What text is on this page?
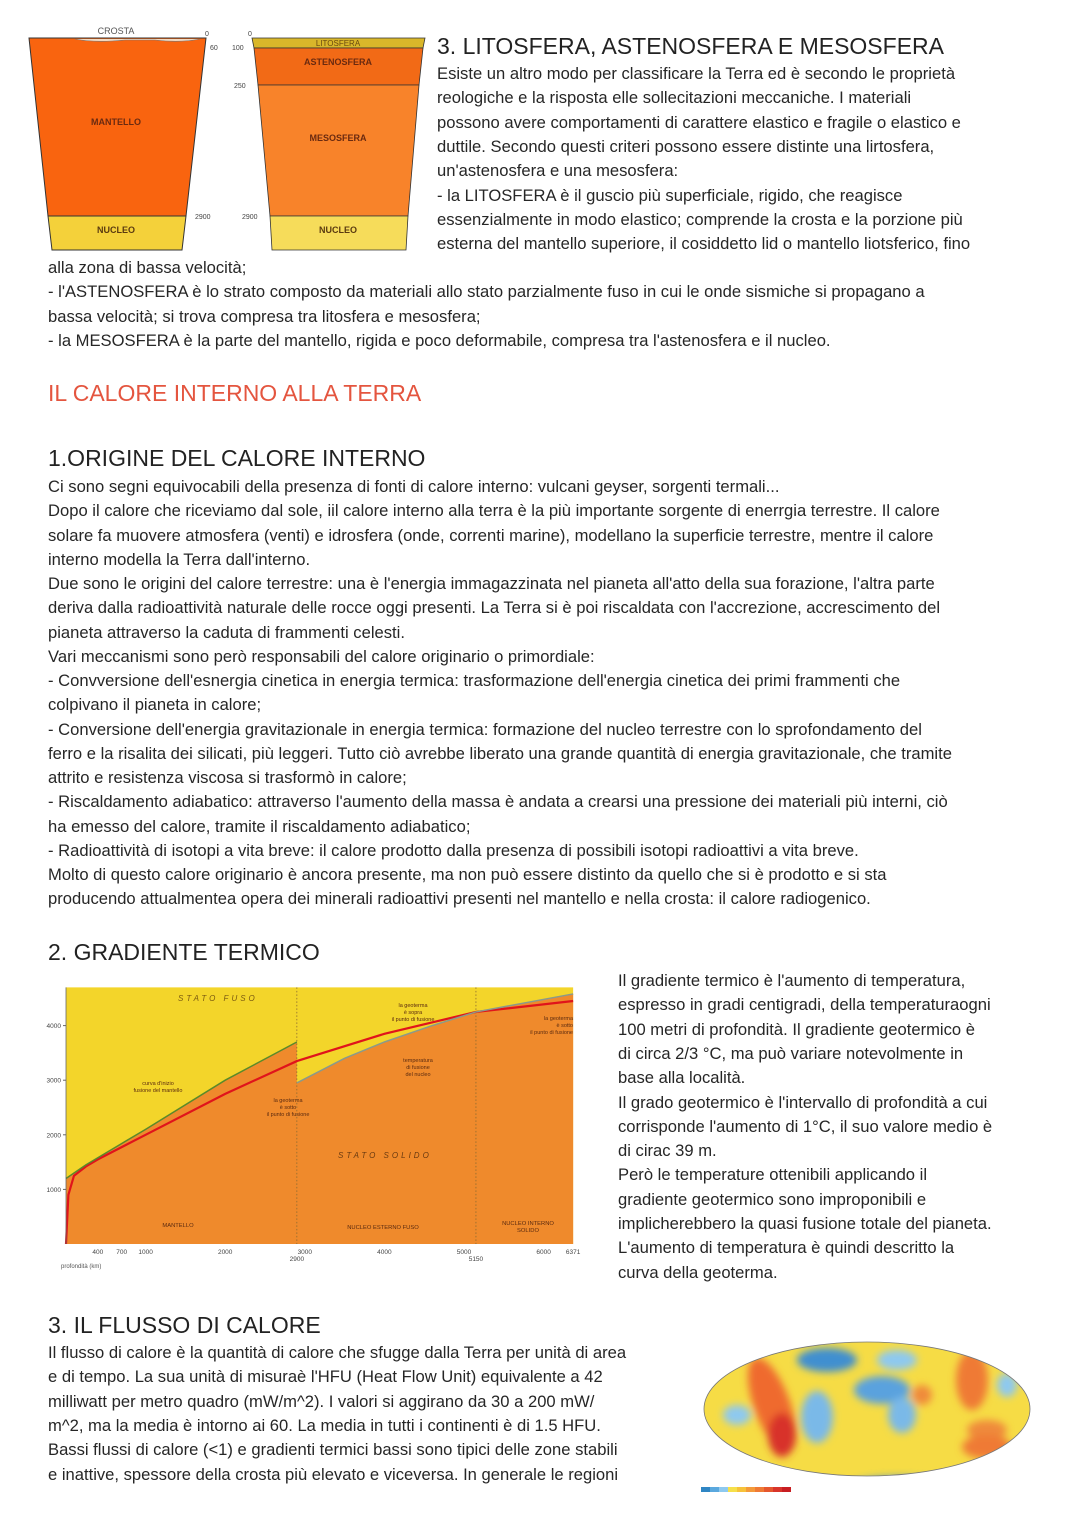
CROSTA
MANTELLO
NUCLEO
0
60
2900
LITOSFERA
ASTENOSFERA
MESOSFERA
NUCLEO
0
100
250
2900
3. LITOSFERA, ASTENOSFERA E MESOSFERA
Esiste un altro modo per classificare la Terra ed è secondo le proprietà
reologiche e la risposta elle sollecitazioni meccaniche. I materiali
possono avere comportamenti di carattere elastico e fragile o elastico e
duttile. Secondo questi criteri possono essere distinte una lirtosfera,
un'astenosfera e una mesosfera:
- la LITOSFERA è il guscio più superficiale, rigido, che reagisce
essenzialmente in modo elastico; comprende la crosta e la porzione più
esterna del mantello superiore, il cosiddetto lid o mantello liotsferico, fino
alla zona di bassa velocità;
- l'ASTENOSFERA è lo strato composto da materiali allo stato parzialmente fuso in cui le onde sismiche si propagano a
bassa velocità; si trova compresa tra litosfera e mesosfera;
- la MESOSFERA è la parte del mantello, rigida e poco deformabile, compresa tra l'astenosfera e il nucleo.
IL CALORE INTERNO ALLA TERRA
1.ORIGINE DEL CALORE INTERNO
Ci sono segni equivocabili della presenza di fonti di calore interno: vulcani geyser, sorgenti termali...
Dopo il calore che riceviamo dal sole, iil calore interno alla terra è la più importante sorgente di enerrgia terrestre. Il calore
solare fa muovere atmosfera (venti) e idrosfera (onde, correnti marine), modellano la superficie terrestre, mentre il calore
interno modella la Terra dall'interno.
Due sono le origini del calore terrestre: una è l'energia immagazzinata nel pianeta all'atto della sua forazione, l'altra parte
deriva dalla radioattività naturale delle rocce oggi presenti. La Terra si è poi riscaldata con l'accrezione, accrescimento del
pianeta attraverso la caduta di frammenti celesti.
Vari meccanismi sono però responsabili del calore originario o primordiale:
- Convversione dell'esnergia cinetica in energia termica: trasformazione dell'energia cinetica dei primi frammenti che
colpivano il pianeta in calore;
- Conversione dell'energia gravitazionale in energia termica: formazione del nucleo terrestre con lo sprofondamento del
ferro e la risalita dei silicati, più leggeri. Tutto ciò avrebbe liberato una grande quantità di energia gravitazionale, che tramite
attrito e resistenza viscosa si trasformò in calore;
- Riscaldamento adiabatico: attraverso l'aumento della massa è andata a crearsi una pressione dei materiali più interni, ciò
ha emesso del calore, tramite il riscaldamento adiabatico;
- Radioattività di isotopi a vita breve: il calore prodotto dalla presenza di possibili isotopi radioattivi a vita breve.
Molto di questo calore originario è ancora presente, ma non può essere distinto da quello che si è prodotto e si sta
producendo attualmentea opera dei minerali radioattivi presenti nel mantello e nella crosta: il calore radiogenico.
2. GRADIENTE TERMICO
1000
2000
3000
4000
400 700 1000	2000	3000	4000	5000	6000 6371
2900	5150
profondità (km)
STATO FUSO
STATO SOLIDO
curva d'inizio
fusione del mantello
la geoterma
è sotto
il punto di fusione
la geoterma
è sopra
il punto di fusione
temperatura
di fusione
del nucleo
la geoterma
è sotto
il punto di fusione
MANTELLO	NUCLEO ESTERNO FUSO
NUCLEO INTERNO
SOLIDO
Il gradiente termico è l'aumento di temperatura,
espresso in gradi centigradi, della temperaturaogni
100 metri di profondità. Il gradiente geotermico è
di circa 2/3 °C, ma può variare notevolmente in
base alla località.
Il grado geotermico è l'intervallo di profondità a cui
corrisponde l'aumento di 1°C, il suo valore medio è
di cirac 39 m.
Però le temperature ottenibili applicando il
gradiente geotermico sono improponibili e
implicherebbero la quasi fusione totale del pianeta.
L'aumento di temperatura è quindi descritto la
curva della geoterma.
3. IL FLUSSO DI CALORE
Il flusso di calore è la quantità di calore che sfugge dalla Terra per unità di area
e di tempo. La sua unità di misuraè l'HFU (Heat Flow Unit) equivalente a 42
milliwatt per metro quadro (mW/m^2). I valori si aggirano da 30 a 200 mW/
m^2, ma la media è intorno ai 60. La media in tutti i continenti è di 1.5 HFU.
Bassi flussi di calore (<1) e gradienti termici bassi sono tipici delle zone stabili
e inattive, spessore della crosta più elevato e viceversa. In generale le regioni
